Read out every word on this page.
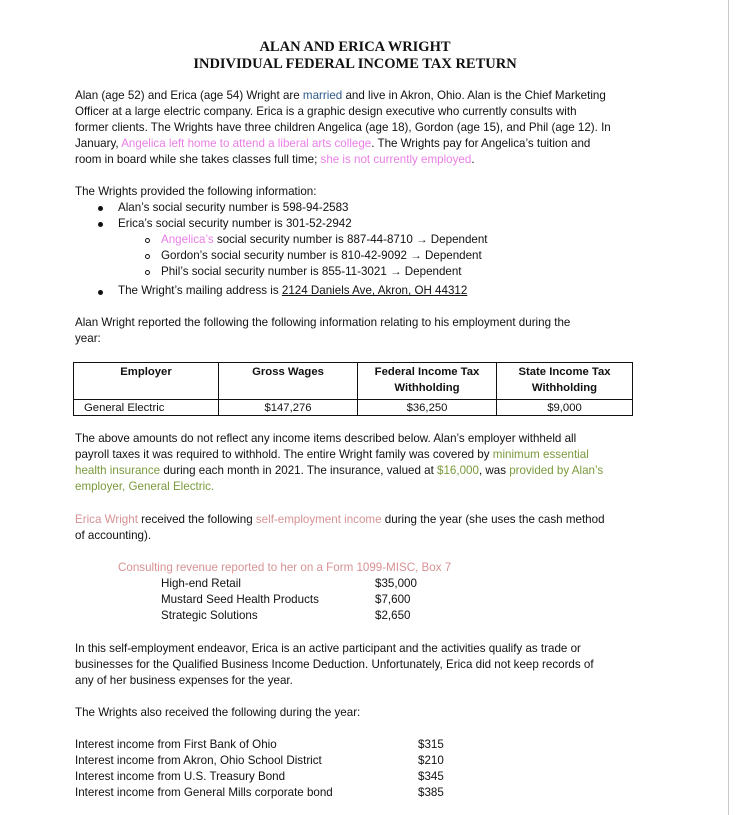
ALAN AND ERICA WRIGHT
INDIVIDUAL FEDERAL INCOME TAX RETURN
Alan (age 52) and Erica (age 54) Wright are married and live in Akron, Ohio. Alan is the Chief Marketing
Officer at a large electric company. Erica is a graphic design executive who currently consults with
former clients. The Wrights have three children Angelica (age 18), Gordon (age 15), and Phil (age 12). In
January, Angelica left home to attend a liberal arts college. The Wrights pay for Angelica’s tuition and
room in board while she takes classes full time; she is not currently employed.
The Wrights provided the following information:
Alan’s social security number is 598-94-2583
Erica’s social security number is 301-52-2942
Angelica’s social security number is 887-44-8710 → Dependent
Gordon’s social security number is 810-42-9092 → Dependent
Phil’s social security number is 855-11-3021 → Dependent
The Wright’s mailing address is 2124 Daniels Ave, Akron, OH 44312
Alan Wright reported the following the following information relating to his employment during the
year:
Employer	Gross Wages	Federal Income Tax Withholding	State Income Tax Withholding
General Electric	$147,276	$36,250	$9,000
The above amounts do not reflect any income items described below. Alan’s employer withheld all
payroll taxes it was required to withhold. The entire Wright family was covered by minimum essential
health insurance during each month in 2021. The insurance, valued at $16,000, was provided by Alan’s
employer, General Electric.
Erica Wright received the following self-employment income during the year (she uses the cash method
of accounting).
Consulting revenue reported to her on a Form 1099-MISC, Box 7
High-end Retail	$35,000
Mustard Seed Health Products	$7,600
Strategic Solutions	$2,650
In this self-employment endeavor, Erica is an active participant and the activities qualify as trade or
businesses for the Qualified Business Income Deduction. Unfortunately, Erica did not keep records of
any of her business expenses for the year.
The Wrights also received the following during the year:
Interest income from First Bank of Ohio	$315
Interest income from Akron, Ohio School District	$210
Interest income from U.S. Treasury Bond	$345
Interest income from General Mills corporate bond	$385
